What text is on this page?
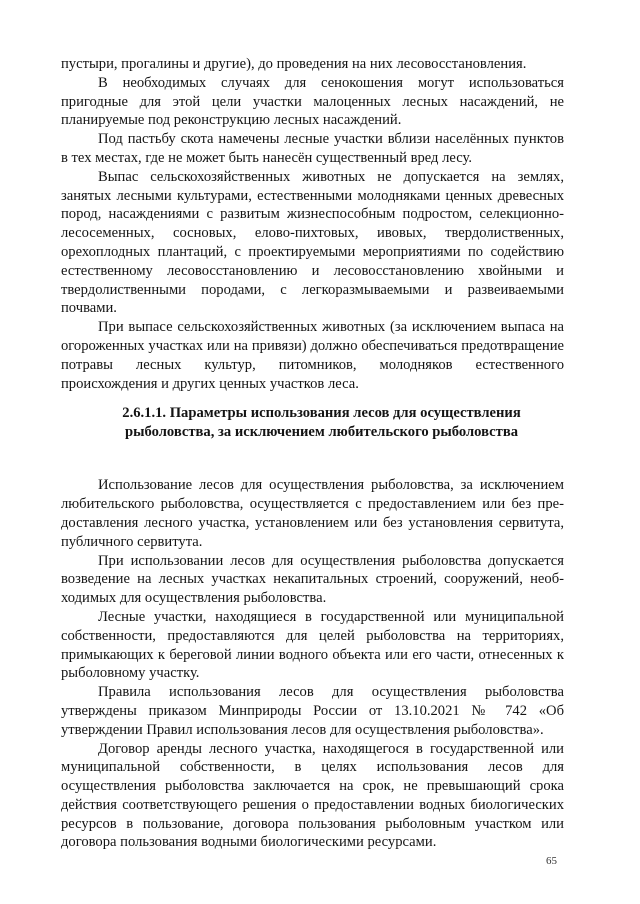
пустыри, прогалины и другие), до проведения на них лесовосстановления.

В необходимых случаях для сенокошения могут использоваться пригодные для этой цели участки малоценных лесных насаждений, не планируемые под реконструкцию лесных насаждений.

Под пастьбу скота намечены лесные участки вблизи населённых пунктов в тех местах, где не может быть нанесён существенный вред лесу.

Выпас сельскохозяйственных животных не допускается на землях, занятых лесными культурами, естественными молодняками ценных древесных пород, насаждениями с развитым жизнеспособным подростом, селекционно-лесосеменных, сосновых, елово-пихтовых, ивовых, твердолиственных, орехоплодных плантаций, с проектируемыми мероприятиями по содействию естественному лесовосстановлению и лесовосстановлению хвойными и твердолиственными породами, с легкоразмываемыми и развеиваемыми почвами.

При выпасе сельскохозяйственных животных (за исключением выпаса на огороженных участках или на привязи) должно обеспечиваться предотвращение потравы лесных культур, питомников, молодняков естественного происхождения и других ценных участков леса.

2.6.1.1. Параметры использования лесов для осуществления рыболовства, за исключением любительского рыболовства

Использование лесов для осуществления рыболовства, за исключением любительского рыболовства, осуществляется с предоставлением или без пре-доставления лесного участка, установлением или без установления сервитута, публичного сервитута.

При использовании лесов для осуществления рыболовства допускается возведение на лесных участках некапитальных строений, сооружений, необ-ходимых для осуществления рыболовства.

Лесные участки, находящиеся в государственной или муниципальной собственности, предоставляются для целей рыболовства на территориях, примыкающих к береговой линии водного объекта или его части, отнесенных к рыболовному участку.

Правила использования лесов для осуществления рыболовства утверждены приказом Минприроды России от 13.10.2021 № 742 «Об утверждении Правил использования лесов для осуществления рыболовства».

Договор аренды лесного участка, находящегося в государственной или муниципальной собственности, в целях использования лесов для осуществления рыболовства заключается на срок, не превышающий срока действия соответствующего решения о предоставлении водных биологических ресурсов в пользование, договора пользования рыболовным участком или договора пользования водными биологическими ресурсами.

65
